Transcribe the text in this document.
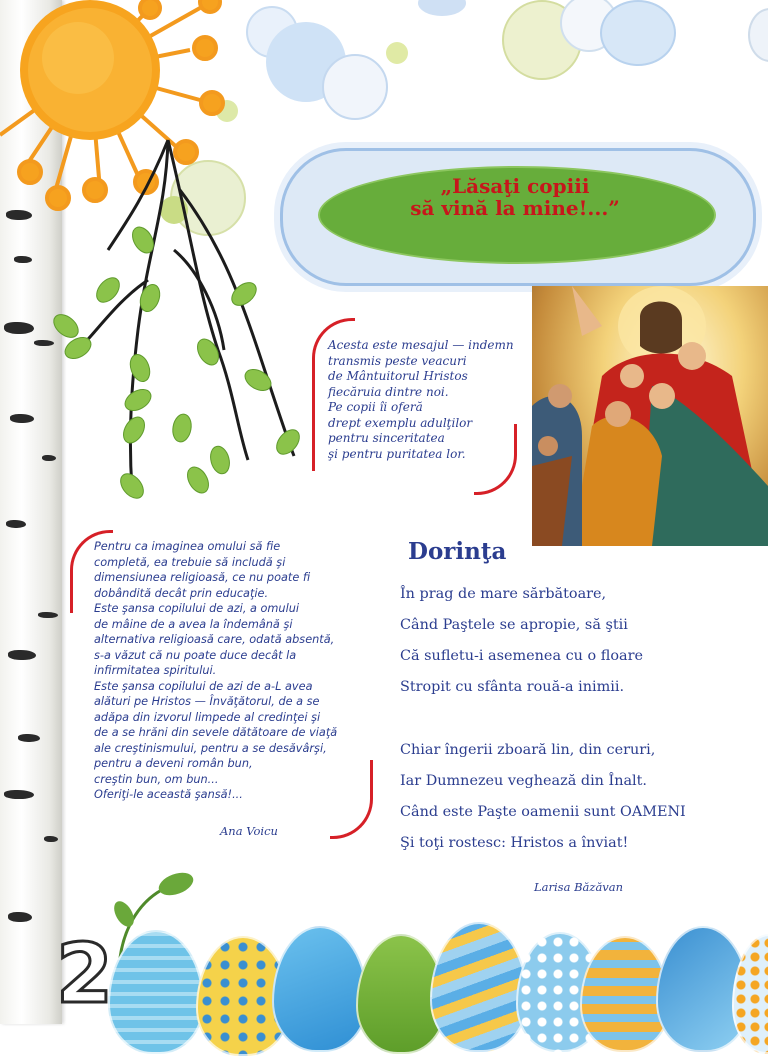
„Lăsaţi copiii
să vină la mine!...”
Acesta este mesajul — indemn
transmis peste veacuri
de Mântuitorul Hristos
fiecăruia dintre noi.
Pe copii îi oferă
drept exemplu adulţilor
pentru sinceritatea
şi pentru puritatea lor.
Pentru ca imaginea omului să fie
completă, ea trebuie să includă şi
dimensiunea religioasă, ce nu poate fi
dobândită decât prin educaţie.
Este şansa copilului de azi, a omului
de mâine de a avea la îndemână şi
alternativa religioasă care, odată absentă,
s-a văzut că nu poate duce decât la
infirmitatea spiritului.
Este şansa copilului de azi de a-L avea
alături pe Hristos — Învăţătorul, de a se
adăpa din izvorul limpede al credinţei şi
de a se hrăni din sevele dătătoare de viaţă
ale creştinismului, pentru a se desăvârşi,
pentru a deveni român bun,
creştin bun, om bun...
Oferiţi-le această şansă!...
Ana Voicu
Dorinţa
În prag de mare sărbătoare,
Când Paştele se apropie, să ştii
Că sufletu-i asemenea cu o floare
Stropit cu sfânta rouă-a inimii.
Chiar îngerii zboară lin, din ceruri,
Iar Dumnezeu veghează din Înalt.
Când este Paşte oamenii sunt OAMENI
Şi toţi rostesc: Hristos a înviat!
Larisa Băzăvan
2
